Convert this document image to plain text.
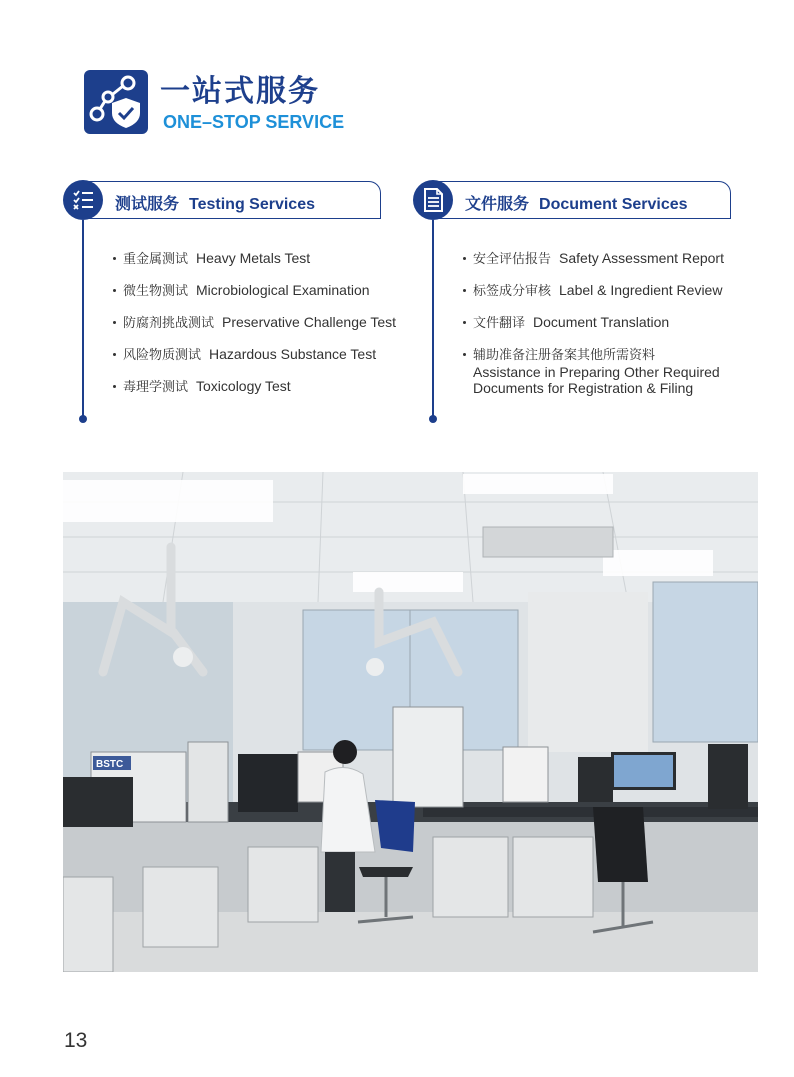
一站式服务
ONE–STOP SERVICE
测试服务 Testing Services
重金属测试 Heavy Metals Test
微生物测试 Microbiological Examination
防腐剂挑战测试 Preservative Challenge Test
风险物质测试 Hazardous Substance Test
毒理学测试 Toxicology Test
文件服务 Document Services
安全评估报告 Safety Assessment Report
标签成分审核 Label & Ingredient Review
文件翻译 Document Translation
辅助准备注册备案其他所需资料
Assistance in Preparing Other Required
Documents for Registration & Filing
BSTC
13
